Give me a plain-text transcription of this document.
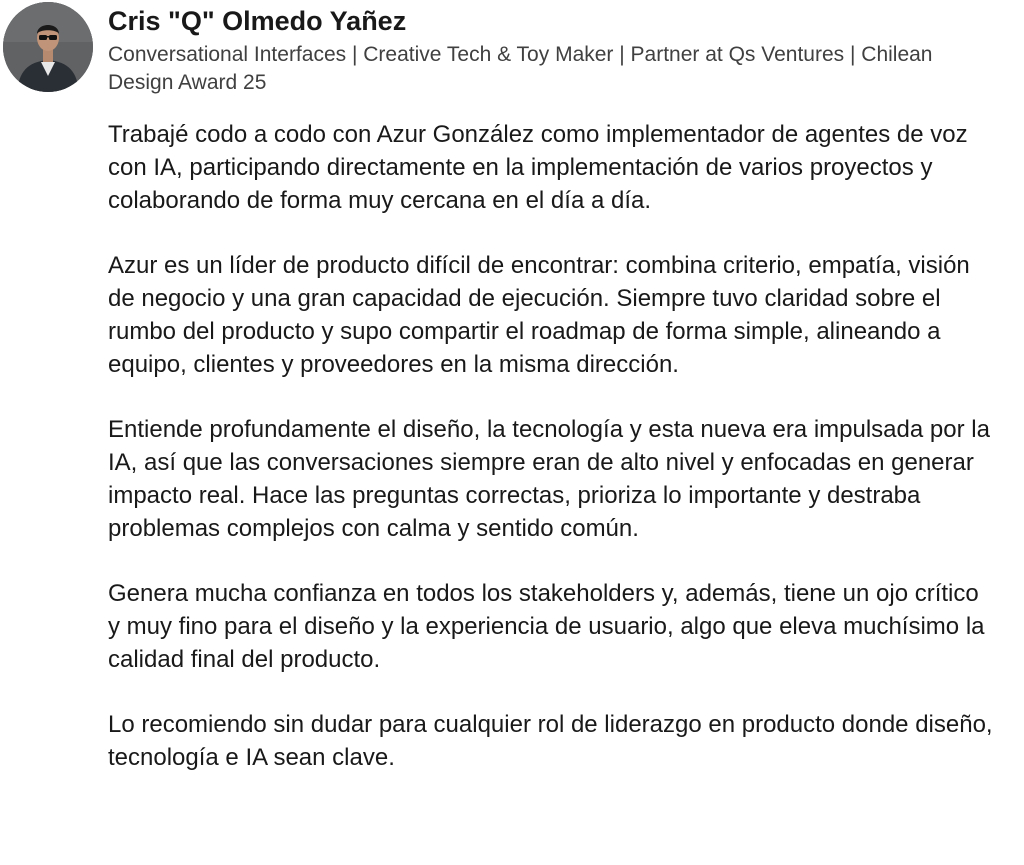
Cris "Q" Olmedo Yañez
Conversational Interfaces | Creative Tech & Toy Maker | Partner at Qs Ventures | Chilean Design Award 25

Trabajé codo a codo con Azur González como implementador de agentes de voz con IA, participando directamente en la implementación de varios proyectos y colaborando de forma muy cercana en el día a día.

Azur es un líder de producto difícil de encontrar: combina criterio, empatía, visión de negocio y una gran capacidad de ejecución. Siempre tuvo claridad sobre el rumbo del producto y supo compartir el roadmap de forma simple, alineando a equipo, clientes y proveedores en la misma dirección.

Entiende profundamente el diseño, la tecnología y esta nueva era impulsada por la IA, así que las conversaciones siempre eran de alto nivel y enfocadas en generar impacto real. Hace las preguntas correctas, prioriza lo importante y destraba problemas complejos con calma y sentido común.

Genera mucha confianza en todos los stakeholders y, además, tiene un ojo crítico y muy fino para el diseño y la experiencia de usuario, algo que eleva muchísimo la calidad final del producto.

Lo recomiendo sin dudar para cualquier rol de liderazgo en producto donde diseño, tecnología e IA sean clave.
